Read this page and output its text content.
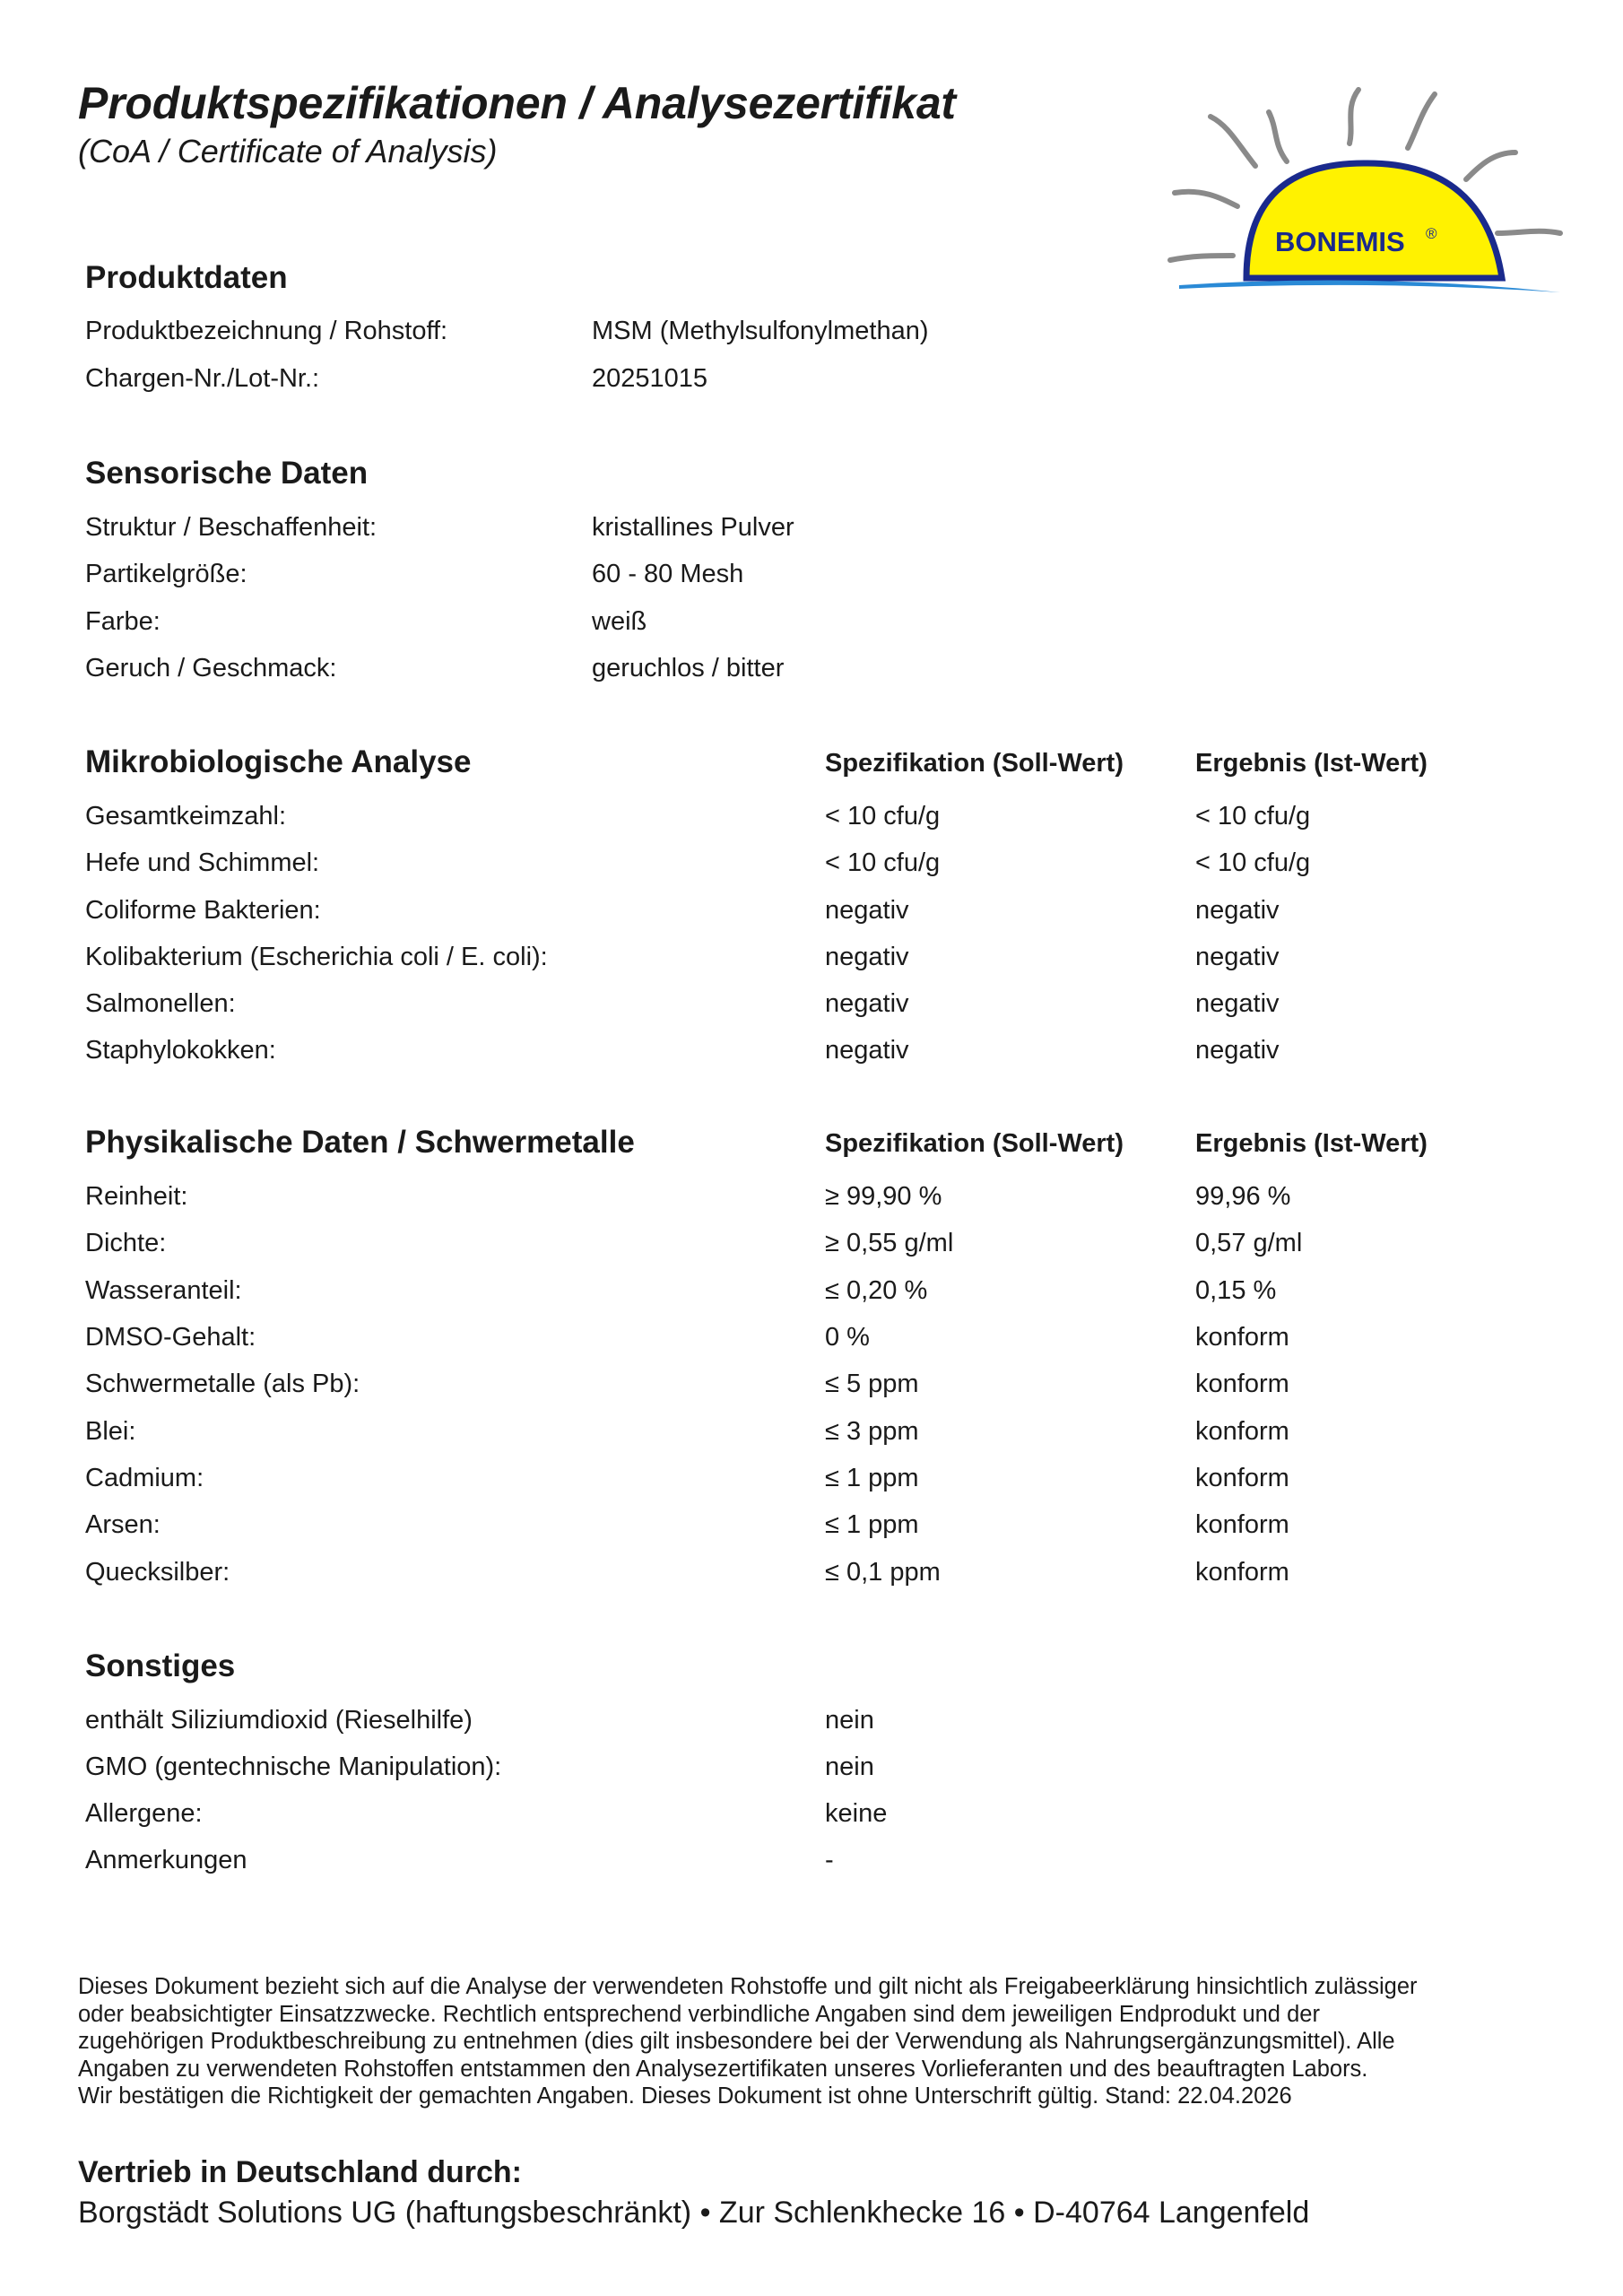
Produktspezifikationen / Analysezertifikat
(CoA / Certificate of Analysis)
BONEMIS ®
Produktdaten
Produktbezeichnung / Rohstoff:	MSM (Methylsulfonylmethan)
Chargen-Nr./Lot-Nr.:	20251015
Sensorische Daten
Struktur / Beschaffenheit:	kristallines Pulver
Partikelgröße:	60 - 80 Mesh
Farbe:	weiß
Geruch / Geschmack:	geruchlos / bitter
Mikrobiologische Analyse	Spezifikation (Soll-Wert)	Ergebnis (Ist-Wert)
Gesamtkeimzahl:	< 10 cfu/g	< 10 cfu/g
Hefe und Schimmel:	< 10 cfu/g	< 10 cfu/g
Coliforme Bakterien:	negativ	negativ
Kolibakterium (Escherichia coli / E. coli):	negativ	negativ
Salmonellen:	negativ	negativ
Staphylokokken:	negativ	negativ
Physikalische Daten / Schwermetalle	Spezifikation (Soll-Wert)	Ergebnis (Ist-Wert)
Reinheit:	≥ 99,90 %	99,96 %
Dichte:	≥ 0,55 g/ml	0,57 g/ml
Wasseranteil:	≤ 0,20 %	0,15 %
DMSO-Gehalt:	0 %	konform
Schwermetalle (als Pb):	≤ 5 ppm	konform
Blei:	≤ 3 ppm	konform
Cadmium:	≤ 1 ppm	konform
Arsen:	≤ 1 ppm	konform
Quecksilber:	≤ 0,1 ppm	konform
Sonstiges
enthält Siliziumdioxid (Rieselhilfe)	nein
GMO (gentechnische Manipulation):	nein
Allergene:	keine
Anmerkungen	-
Dieses Dokument bezieht sich auf die Analyse der verwendeten Rohstoffe und gilt nicht als Freigabeerklärung hinsichtlich zulässiger
oder beabsichtigter Einsatzzwecke. Rechtlich entsprechend verbindliche Angaben sind dem jeweiligen Endprodukt und der
zugehörigen Produktbeschreibung zu entnehmen (dies gilt insbesondere bei der Verwendung als Nahrungsergänzungsmittel). Alle
Angaben zu verwendeten Rohstoffen entstammen den Analysezertifikaten unseres Vorlieferanten und des beauftragten Labors.
Wir bestätigen die Richtigkeit der gemachten Angaben. Dieses Dokument ist ohne Unterschrift gültig. Stand: 22.04.2026
Vertrieb in Deutschland durch:
Borgstädt Solutions UG (haftungsbeschränkt) • Zur Schlenkhecke 16 • D-40764 Langenfeld
